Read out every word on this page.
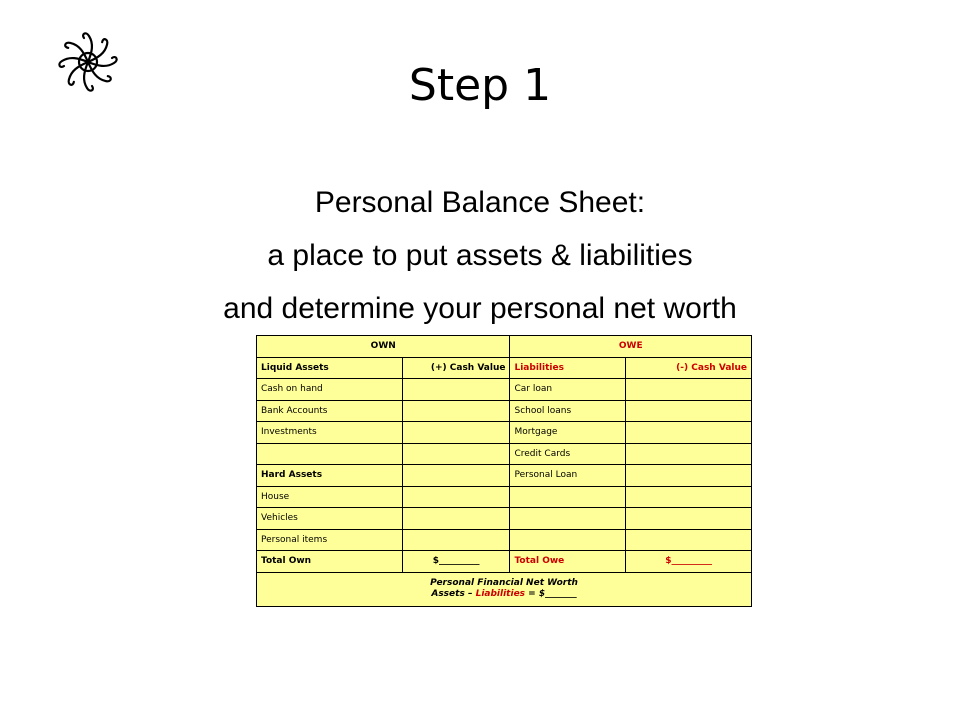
Step 1
Personal Balance Sheet:
a place to put assets & liabilities
and determine your personal net worth
OWN		OWE	
Liquid Assets	(+) Cash Value	Liabilities	(-) Cash Value
Cash on hand		Car loan	
Bank Accounts		School loans	
Investments		Mortgage	
		Credit Cards	
Hard Assets		Personal Loan	
House			
Vehicles			
Personal items			
Total Own	$_________	Total Owe	$_________

Personal Financial Net Worth
Assets – Liabilities = $_______			
